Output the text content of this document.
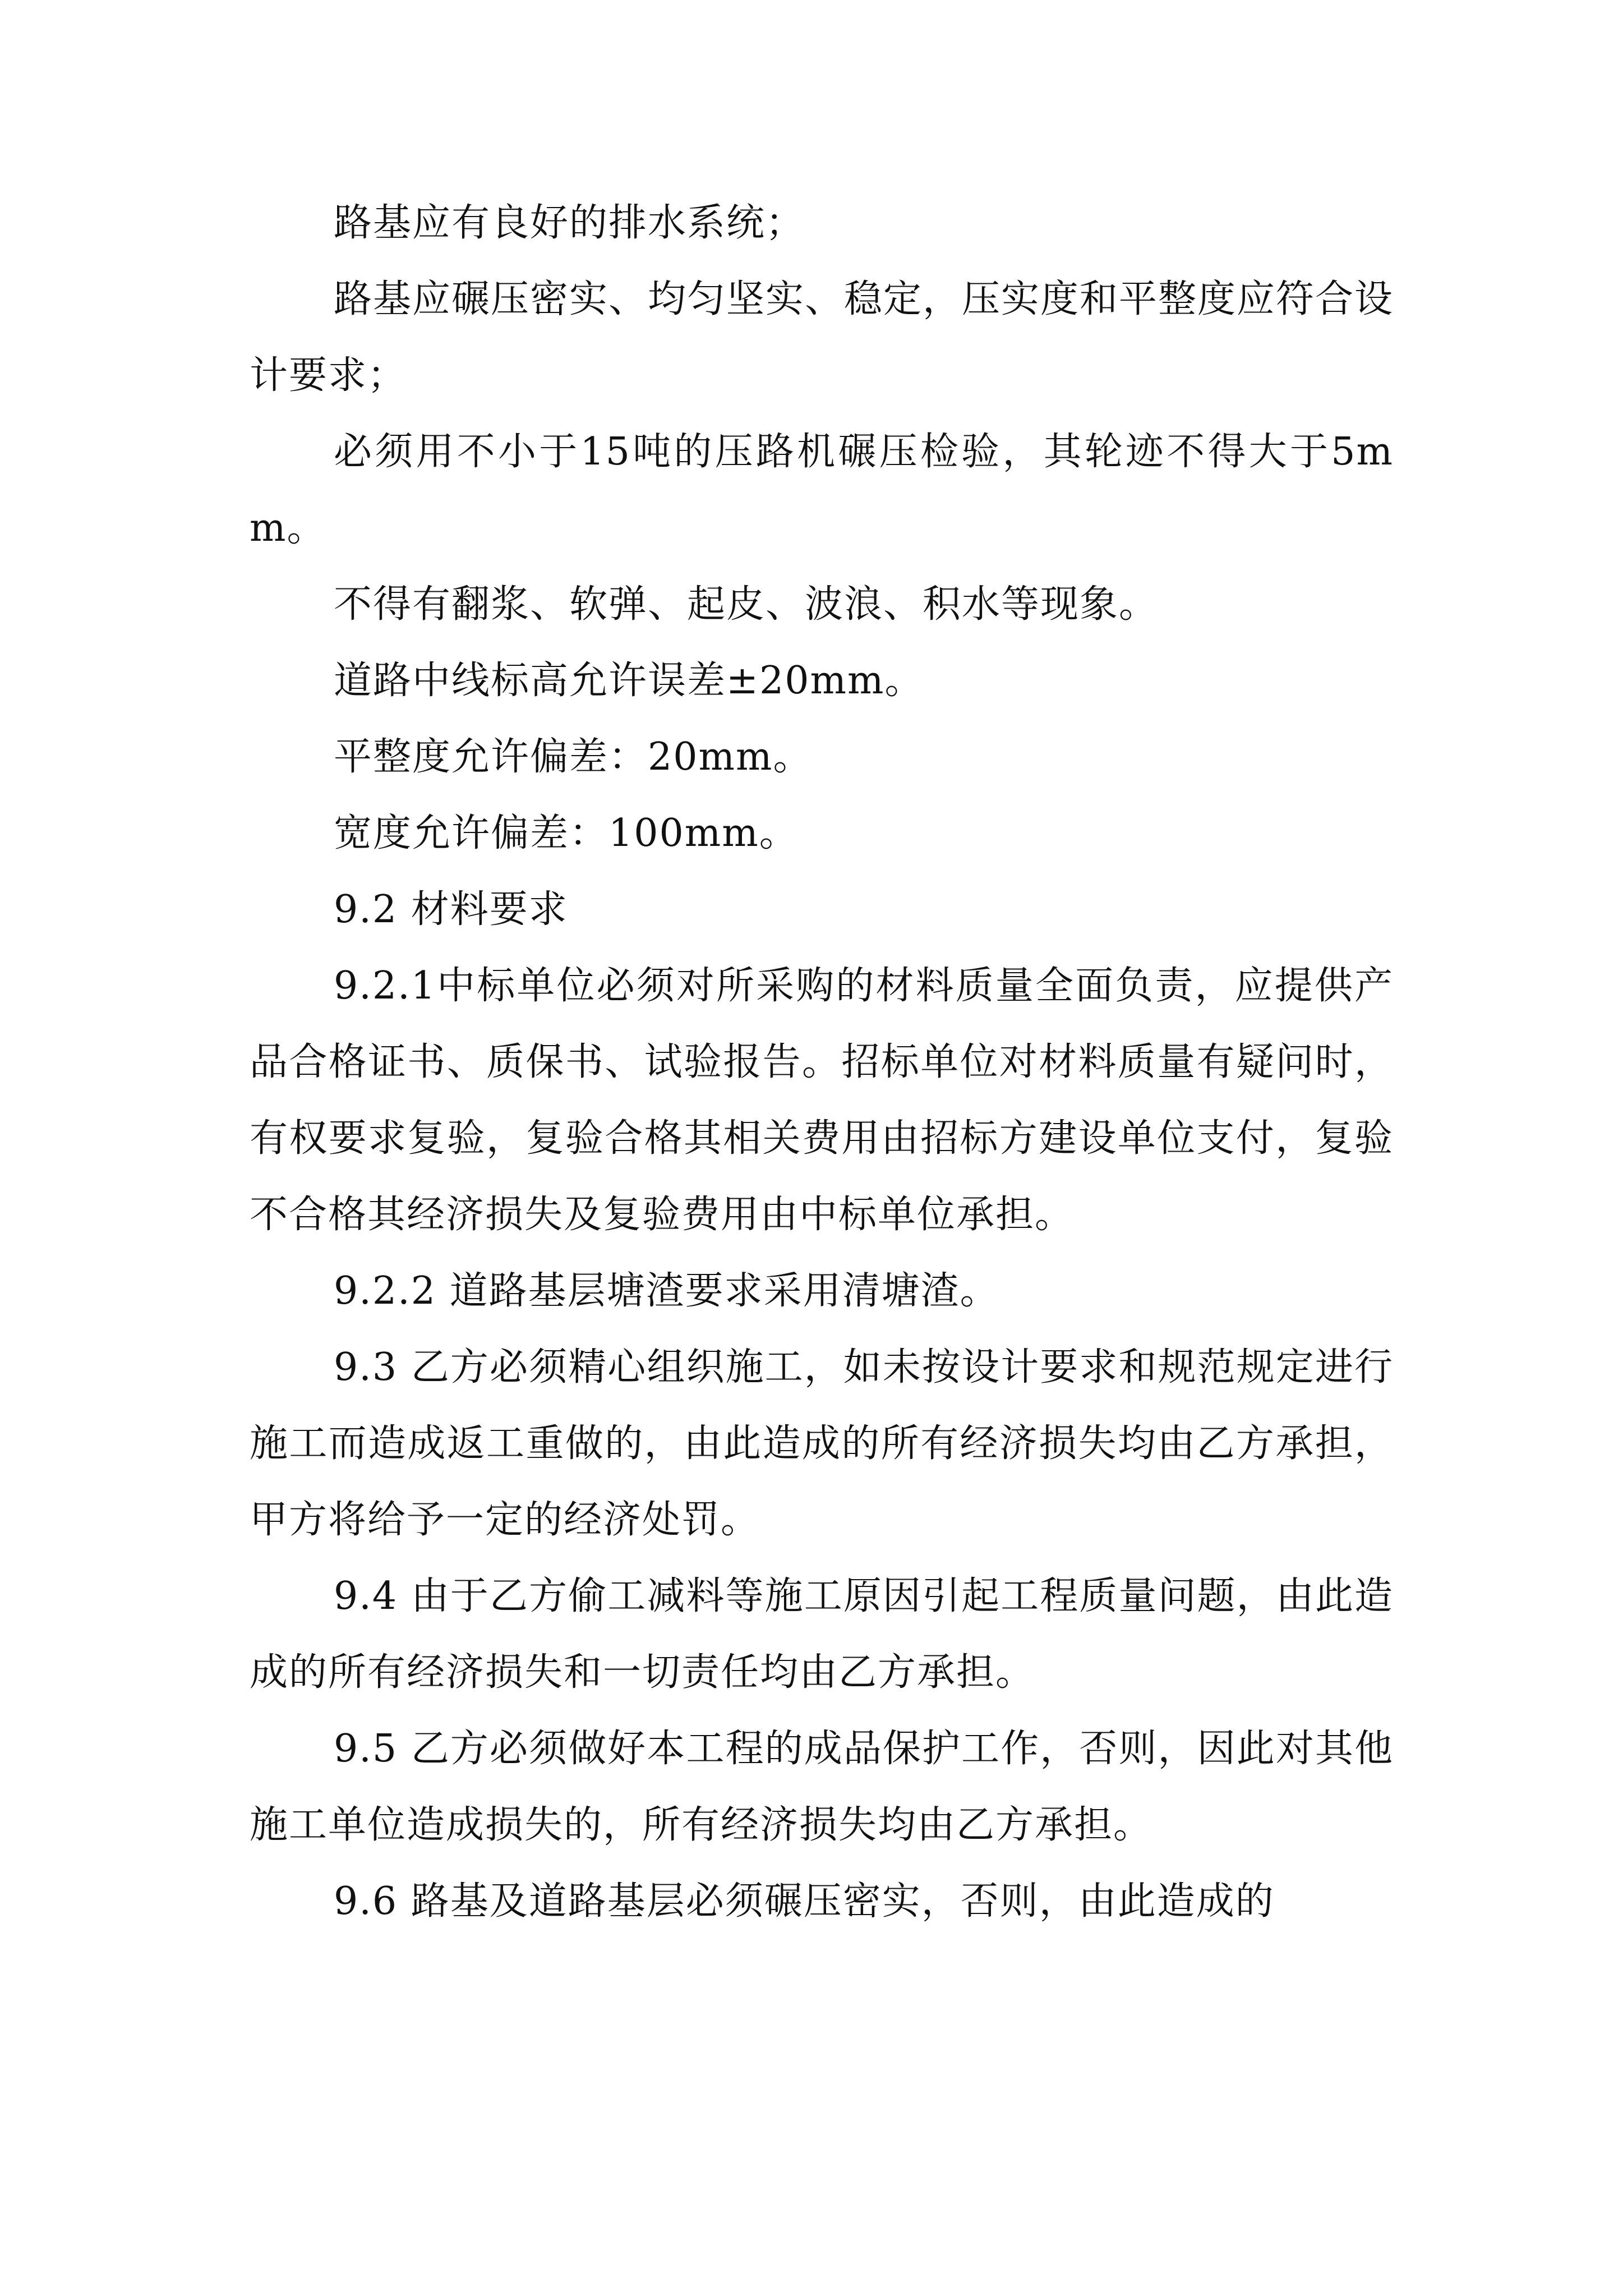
路基应有良好的排水系统；

路基应碾压密实、均匀坚实、稳定，压实度和平整度应符合设计要求；

必须用不小于15吨的压路机碾压检验，其轮迹不得大于5mm。

不得有翻浆、软弹、起皮、波浪、积水等现象。

道路中线标高允许误差±20mm。

平整度允许偏差：20mm。

宽度允许偏差：100mm。

9.2 材料要求

9.2.1中标单位必须对所采购的材料质量全面负责，应提供产品合格证书、质保书、试验报告。招标单位对材料质量有疑问时，有权要求复验，复验合格其相关费用由招标方建设单位支付，复验不合格其经济损失及复验费用由中标单位承担。

9.2.2 道路基层塘渣要求采用清塘渣。

9.3 乙方必须精心组织施工，如未按设计要求和规范规定进行施工而造成返工重做的，由此造成的所有经济损失均由乙方承担，甲方将给予一定的经济处罚。

9.4 由于乙方偷工减料等施工原因引起工程质量问题，由此造成的所有经济损失和一切责任均由乙方承担。

9.5 乙方必须做好本工程的成品保护工作，否则，因此对其他施工单位造成损失的，所有经济损失均由乙方承担。

9.6 路基及道路基层必须碾压密实，否则，由此造成的
